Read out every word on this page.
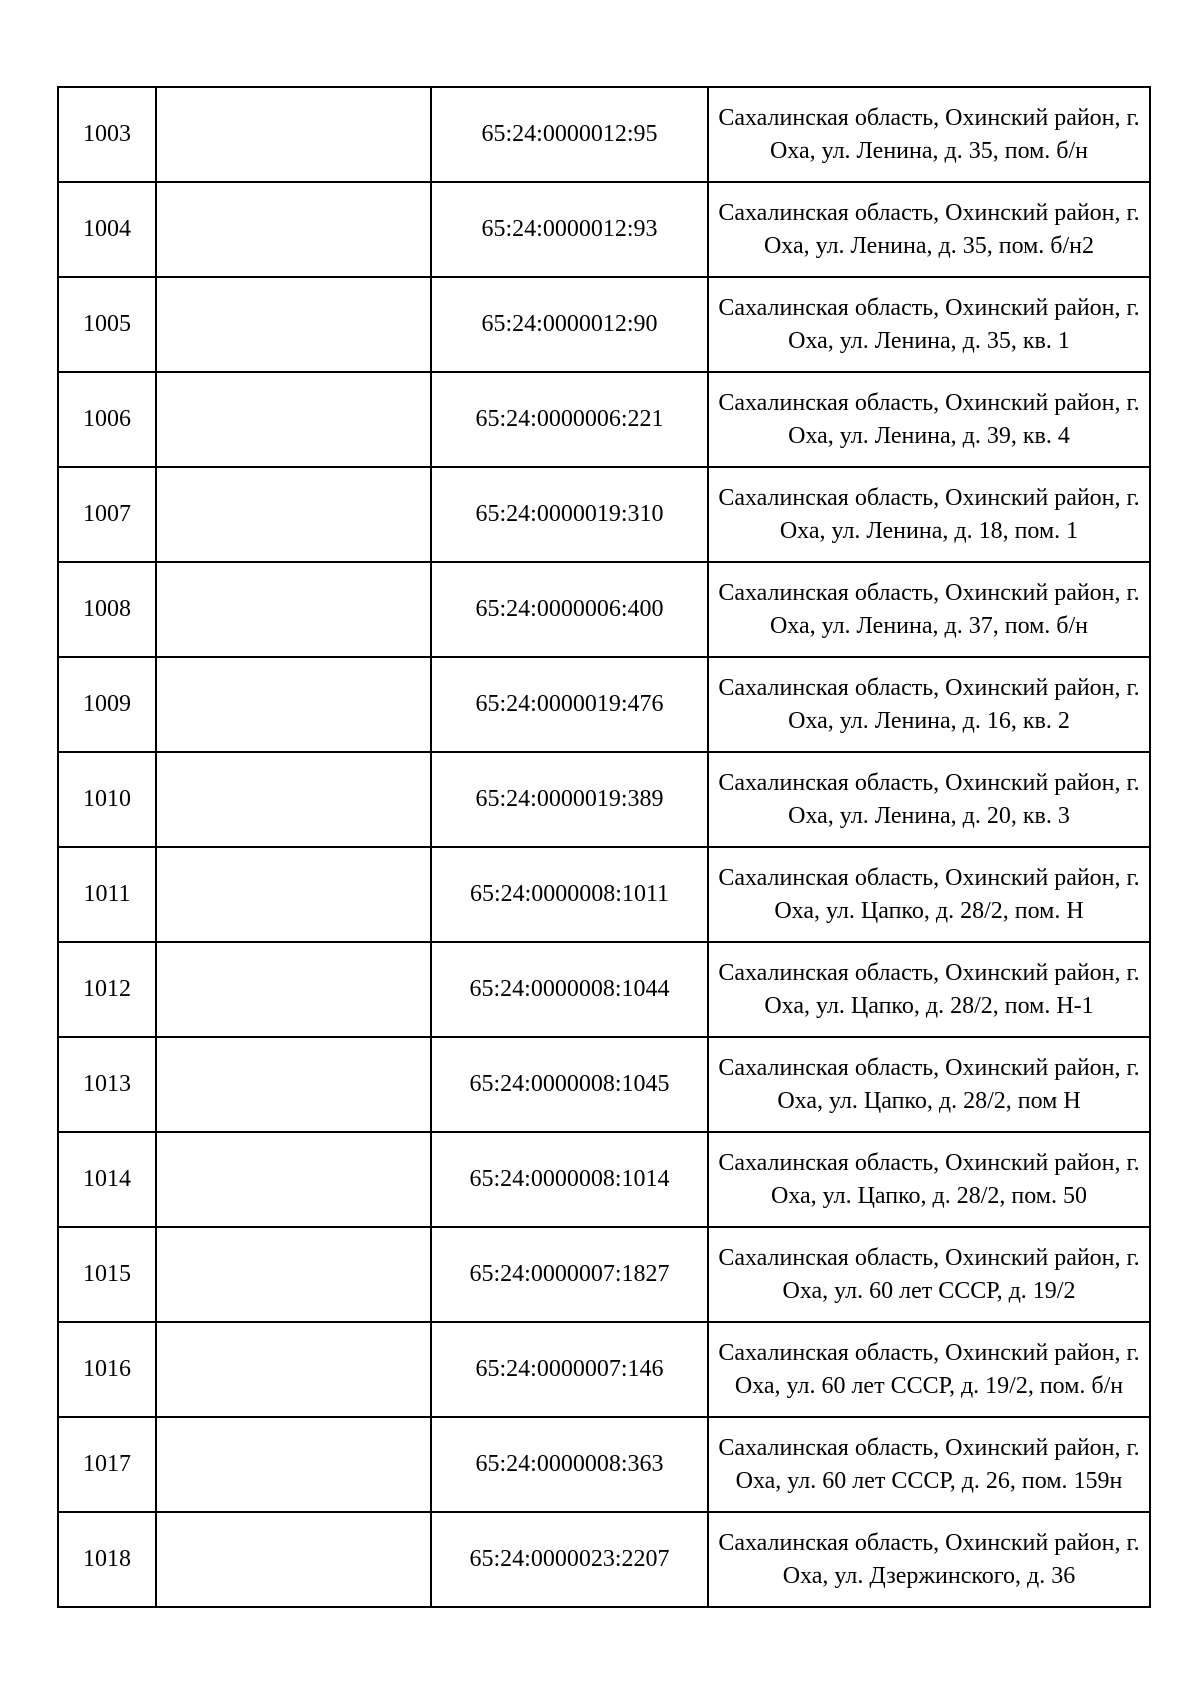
1003		65:24:0000012:95	Сахалинская область, Охинский район, г. Оха, ул. Ленина, д. 35, пом. б/н
1004		65:24:0000012:93	Сахалинская область, Охинский район, г. Оха, ул. Ленина, д. 35, пом. б/н2
1005		65:24:0000012:90	Сахалинская область, Охинский район, г. Оха, ул. Ленина, д. 35, кв. 1
1006		65:24:0000006:221	Сахалинская область, Охинский район, г. Оха, ул. Ленина, д. 39, кв. 4
1007		65:24:0000019:310	Сахалинская область, Охинский район, г. Оха, ул. Ленина, д. 18, пом. 1
1008		65:24:0000006:400	Сахалинская область, Охинский район, г. Оха, ул. Ленина, д. 37, пом. б/н
1009		65:24:0000019:476	Сахалинская область, Охинский район, г. Оха, ул. Ленина, д. 16, кв. 2
1010		65:24:0000019:389	Сахалинская область, Охинский район, г. Оха, ул. Ленина, д. 20, кв. 3
1011		65:24:0000008:1011	Сахалинская область, Охинский район, г. Оха, ул. Цапко, д. 28/2, пом. Н
1012		65:24:0000008:1044	Сахалинская область, Охинский район, г. Оха, ул. Цапко, д. 28/2, пом. Н-1
1013		65:24:0000008:1045	Сахалинская область, Охинский район, г. Оха, ул. Цапко, д. 28/2, пом Н
1014		65:24:0000008:1014	Сахалинская область, Охинский район, г. Оха, ул. Цапко, д. 28/2, пом. 50
1015		65:24:0000007:1827	Сахалинская область, Охинский район, г. Оха, ул. 60 лет СССР, д. 19/2
1016		65:24:0000007:146	Сахалинская область, Охинский район, г. Оха, ул. 60 лет СССР, д. 19/2, пом. б/н
1017		65:24:0000008:363	Сахалинская область, Охинский район, г. Оха, ул. 60 лет СССР, д. 26, пом. 159н
1018		65:24:0000023:2207	Сахалинская область, Охинский район, г. Оха, ул. Дзержинского, д. 36
